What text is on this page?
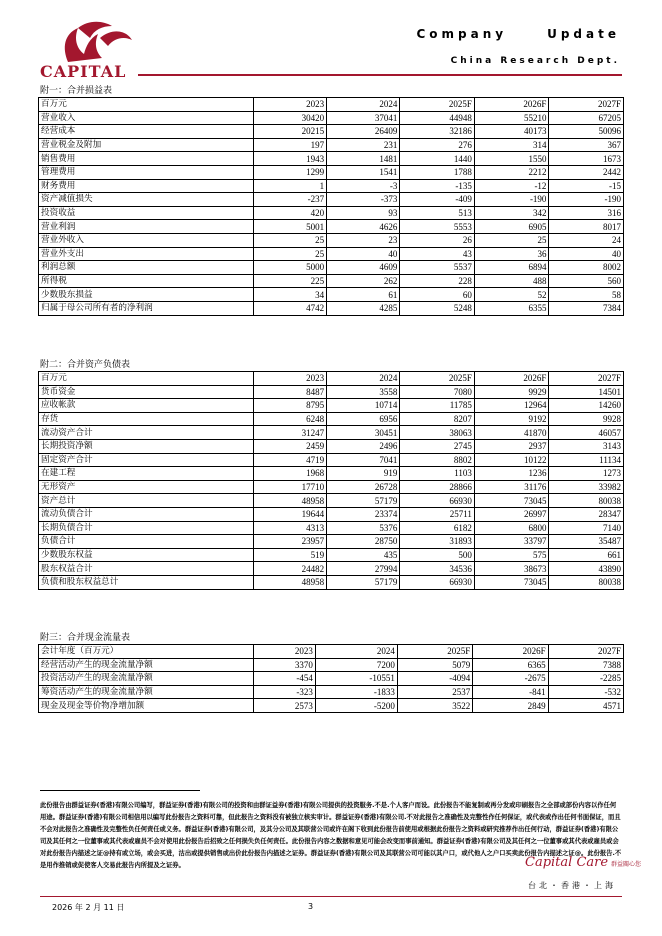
CAPITAL
Company	Update
China Research Dept.
附一：合并损益表
百万元	2023	2024	2025F	2026F	2027F
营业收入	30420	37041	44948	55210	67205
经营成本	20215	26409	32186	40173	50096
营业税金及附加	197	231	276	314	367
销售费用	1943	1481	1440	1550	1673
管理费用	1299	1541	1788	2212	2442
财务费用	1	-3	-135	-12	-15
资产减值损失	-237	-373	-409	-190	-190
投资收益	420	93	513	342	316
营业利润	5001	4626	5553	6905	8017
营业外收入	25	23	26	25	24
营业外支出	25	40	43	36	40
利润总额	5000	4609	5537	6894	8002
所得税	225	262	228	488	560
少数股东损益	34	61	60	52	58
归属于母公司所有者的净利润	4742	4285	5248	6355	7384
附二：合并资产负债表
百万元	2023	2024	2025F	2026F	2027F
货币资金	8487	3558	7080	9929	14501
应收帐款	8795	10714	11785	12964	14260
存货	6248	6956	8207	9192	9928
流动资产合计	31247	30451	38063	41870	46057
长期投资净额	2459	2496	2745	2937	3143
固定资产合计	4719	7041	8802	10122	11134
在建工程	1968	919	1103	1236	1273
无形资产	17710	26728	28866	31176	33982
资产总计	48958	57179	66930	73045	80038
流动负债合计	19644	23374	25711	26997	28347
长期负债合计	4313	5376	6182	6800	7140
负债合计	23957	28750	31893	33797	35487
少数股东权益	519	435	500	575	661
股东权益合计	24482	27994	34536	38673	43890
负债和股东权益总计	48958	57179	66930	73045	80038
附三：合并现金流量表
会计年度（百万元）	2023	2024	2025F	2026F	2027F
经营活动产生的现金流量净额	3370	7200	5079	6365	7388
投资活动产生的现金流量净额	-454	-10551	-4094	-2675	-2285
筹资活动产生的现金流量净额	-323	-1833	2537	-841	-532
现金及现金等价物净增加额	2573	-5200	3522	2849	4571
此份报告由群益证券(香港)有限公司编写，群益证券(香港)有限公司的投资和由群证益券(香港)有限公司提供的投资服务.不是.个人客户而设。此份报告不能复制或再分发或印刷报告之全部或部份内容以作任何用途。群益证券(香港)有限公司相信用以编写此份报告之资料可靠，但此报告之资料没有被独立核实审计。群益证券(香港)有限公司.不对此报告之准确性及完整性作任何保证，或代表或作出任何书面保证，而且不会对此报告之准确性及完整性负任何责任或义务。群益证券(香港)有限公司，及其分公司及其联营公司或许在阁下收到此份报告前使用或根据此份报告之资料或研究推荐作出任何行动，群益证券(香港)有限公司及其任何之一位董事或其代表或雇员不会对使用此份报告后招致之任何损失负任何责任。此份报告内容之数据和意见可能会改变而事前通知。群益证券(香港)有限公司及其任何之一位董事或其代表或雇员或会对此份报告内描述之证@持有或立场，或会买进，沽出或提供销售或出价此份报告内描述之证券。群益证券(香港)有限公司及其联营公司可能以其户口，或代他人之户口买卖此份报告内描述之证@。此份报告.不是用作推销或促使客人交易此报告内所提及之证券。	Capital Care 群益關心您
台北・香港・上海
2026 年 2 月 11 日	3
